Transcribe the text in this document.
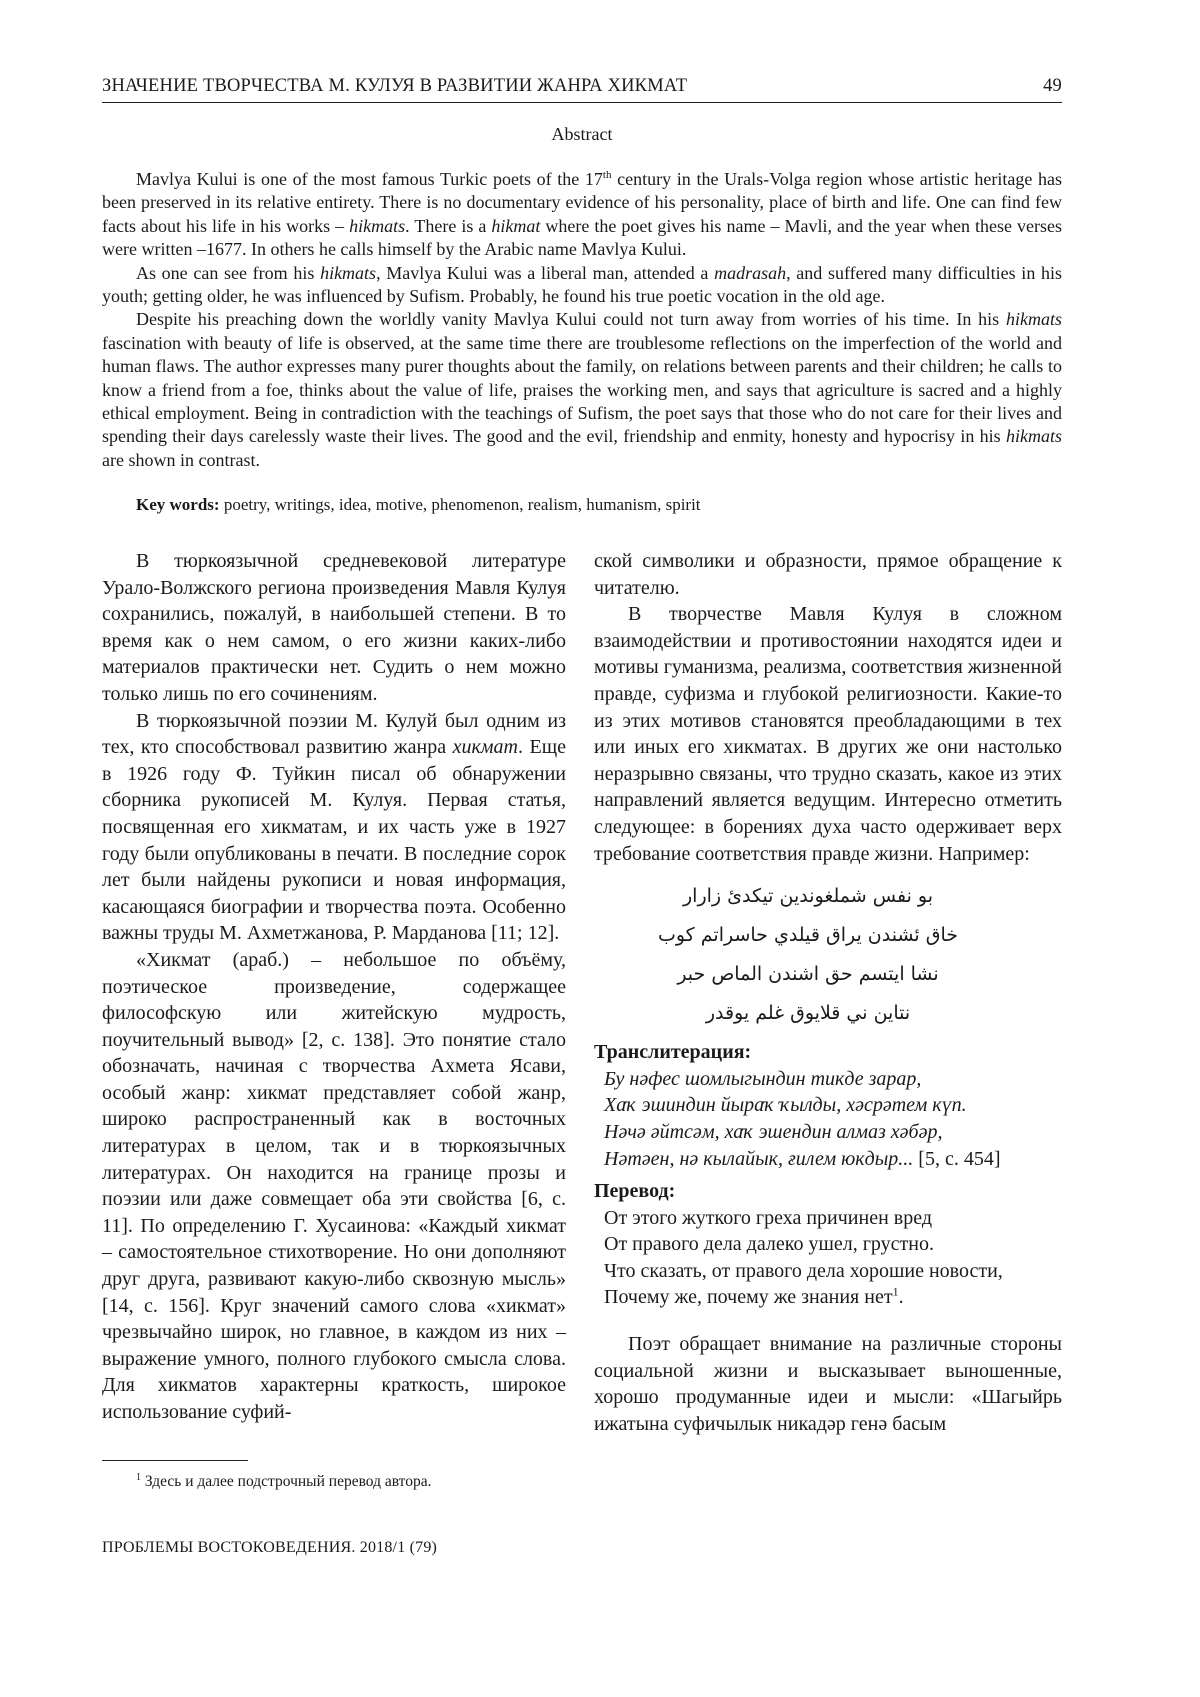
ЗНАЧЕНИЕ ТВОРЧЕСТВА М. КУЛУЯ В РАЗВИТИИ ЖАНРА ХИКМАТ	49
Abstract

Mavlya Kului is one of the most famous Turkic poets of the 17th century in the Urals-Volga region whose artistic heritage has been preserved in its relative entirety. There is no documentary evidence of his personality, place of birth and life. One can find few facts about his life in his works – hikmats. There is a hikmat where the poet gives his name – Mavli, and the year when these verses were written –1677. In others he calls himself by the Arabic name Mavlya Kului.

As one can see from his hikmats, Mavlya Kului was a liberal man, attended a madrasah, and suffered many difficulties in his youth; getting older, he was influenced by Sufism. Probably, he found his true poetic vocation in the old age.

Despite his preaching down the worldly vanity Mavlya Kului could not turn away from worries of his time. In his hikmats fascination with beauty of life is observed, at the same time there are troublesome reflections on the imperfection of the world and human flaws. The author expresses many purer thoughts about the family, on relations between parents and their children; he calls to know a friend from a foe, thinks about the value of life, praises the working men, and says that agriculture is sacred and a highly ethical employment. Being in contradiction with the teachings of Sufism, the poet says that those who do not care for their lives and spending their days carelessly waste their lives. The good and the evil, friendship and enmity, honesty and hypocrisy in his hikmats are shown in contrast.

Key words: poetry, writings, idea, motive, phenomenon, realism, humanism, spirit

В тюркоязычной средневековой литературе Урало-Волжского региона произведения Мавля Кулуя сохранились, пожалуй, в наибольшей степени. В то время как о нем самом, о его жизни каких-либо материалов практически нет. Судить о нем можно только лишь по его сочинениям.

В тюркоязычной поэзии М. Кулуй был одним из тех, кто способствовал развитию жанра хикмат. Еще в 1926 году Ф. Туйкин писал об обнаружении сборника рукописей М. Кулуя. Первая статья, посвященная его хикматам, и их часть уже в 1927 году были опубликованы в печати. В последние сорок лет были найдены рукописи и новая информация, касающаяся биографии и творчества поэта. Особенно важны труды М. Ахметжанова, Р. Марданова [11; 12].

«Хикмат (араб.) – небольшое по объёму, поэтическое произведение, содержащее философскую или житейскую мудрость, поучительный вывод» [2, с. 138]. Это понятие стало обозначать, начиная с творчества Ахмета Ясави, особый жанр: хикмат представляет собой жанр, широко распространенный как в восточных литературах в целом, так и в тюркоязычных литературах. Он находится на границе прозы и поэзии или даже совмещает оба эти свойства [6, с. 11]. По определению Г. Хусаинова: «Каждый хикмат – самостоятельное стихотворение. Но они дополняют друг друга, развивают какую-либо сквозную мысль» [14, с. 156]. Круг значений самого слова «хикмат» чрезвычайно широк, но главное, в каждом из них – выражение умного, полного глубокого смысла слова. Для хикматов характерны краткость, широкое использование суфий-

ской символики и образности, прямое обращение к читателю.

В творчестве Мавля Кулуя в сложном взаимодействии и противостоянии находятся идеи и мотивы гуманизма, реализма, соответствия жизненной правде, суфизма и глубокой религиозности. Какие-то из этих мотивов становятся преобладающими в тех или иных его хикматах. В других же они настолько неразрывно связаны, что трудно сказать, какое из этих направлений является ведущим. Интересно отметить следующее: в борениях духа часто одерживает верх требование соответствия правде жизни. Например:

بو نفس شملغوندين تيكدئ زارار
خاق ئشندن يراق قيلدي حاسراتم كوب
نشا ايتسم حق اشندن الماص حبر
نتاين ني قلايوق غلم يوقدر

Транслитерация:

Бу нәфес шомлыгындин тикде зарар,

Хаҡ эшиндин йыраҡ ҡылды, хәсрәтем күп.

Нәчә әйтсәм, хаҡ эшендин алмаз хәбәр,

Нәтәен, нә кылайык, ғилем юкдыр... [5, с. 454]

Перевод:

От этого жуткого греха причинен вред

От правого дела далеко ушел, грустно.

Что сказать, от правого дела хорошие новости,

Почему же, почему же знания нет$^1$.

Поэт обращает внимание на различные стороны социальной жизни и высказывает выношенные, хорошо продуманные идеи и мысли: «Шагыйрь ижатына суфичылык никадәр генә басым

$^1$ Здесь и далее подстрочный перевод автора.
ПРОБЛЕМЫ ВОСТОКОВЕДЕНИЯ. 2018/1 (79)
